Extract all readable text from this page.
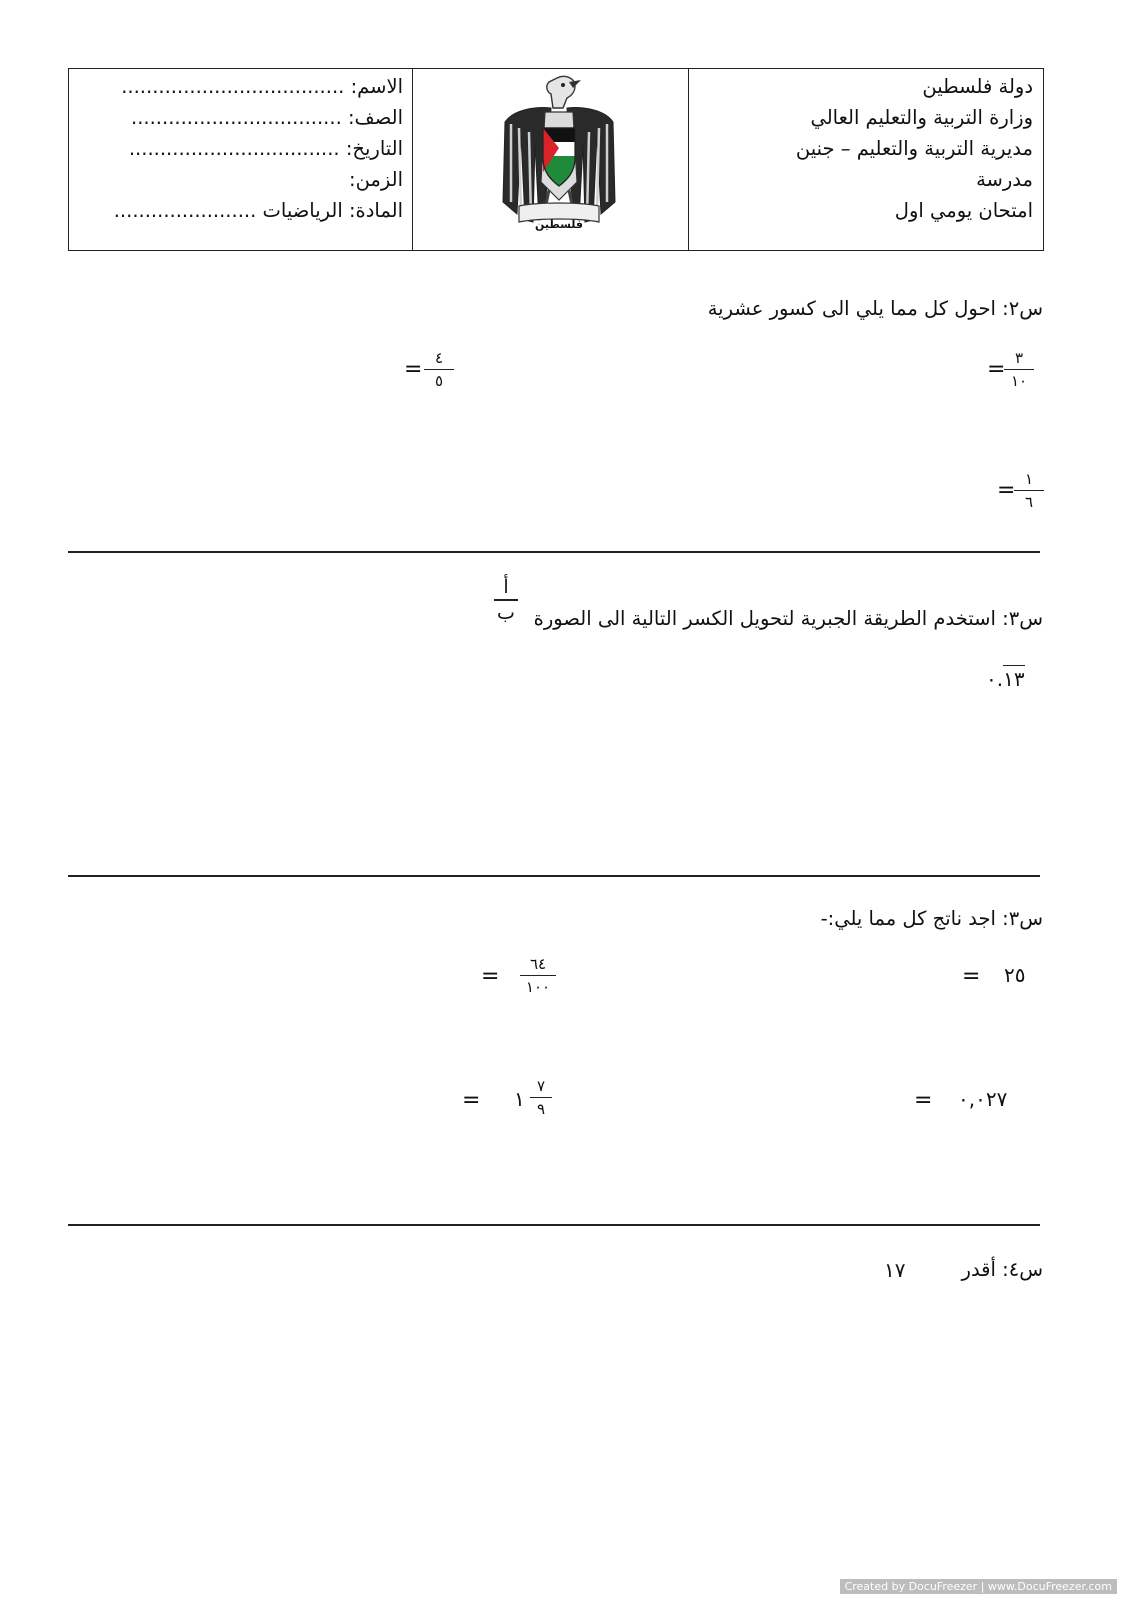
دولة فلسطين
وزارة التربية والتعليم العالي
مديرية التربية والتعليم – جنين
مدرسة
امتحان يومي اول
فلسطين
الاسم: ....................................
الصف: ..................................
التاريخ: ..................................
الزمن:
المادة: الرياضيات .......................
س٢: احول كل مما يلي الى كسور عشرية
٣
١٠
=
٤
٥
=
١
٦
=
س٣: استخدم الطريقة الجبرية لتحويل الكسر التالية الى الصورة
أ
ب
٠.١٣
س٣: اجد ناتج كل مما يلي:-
٢٥
=
٦٤
١٠٠
=
٠,٠٢٧
=
٧
٩
١
=
س٤: أقدر
١٧
Created by DocuFreezer | www.DocuFreezer.com
